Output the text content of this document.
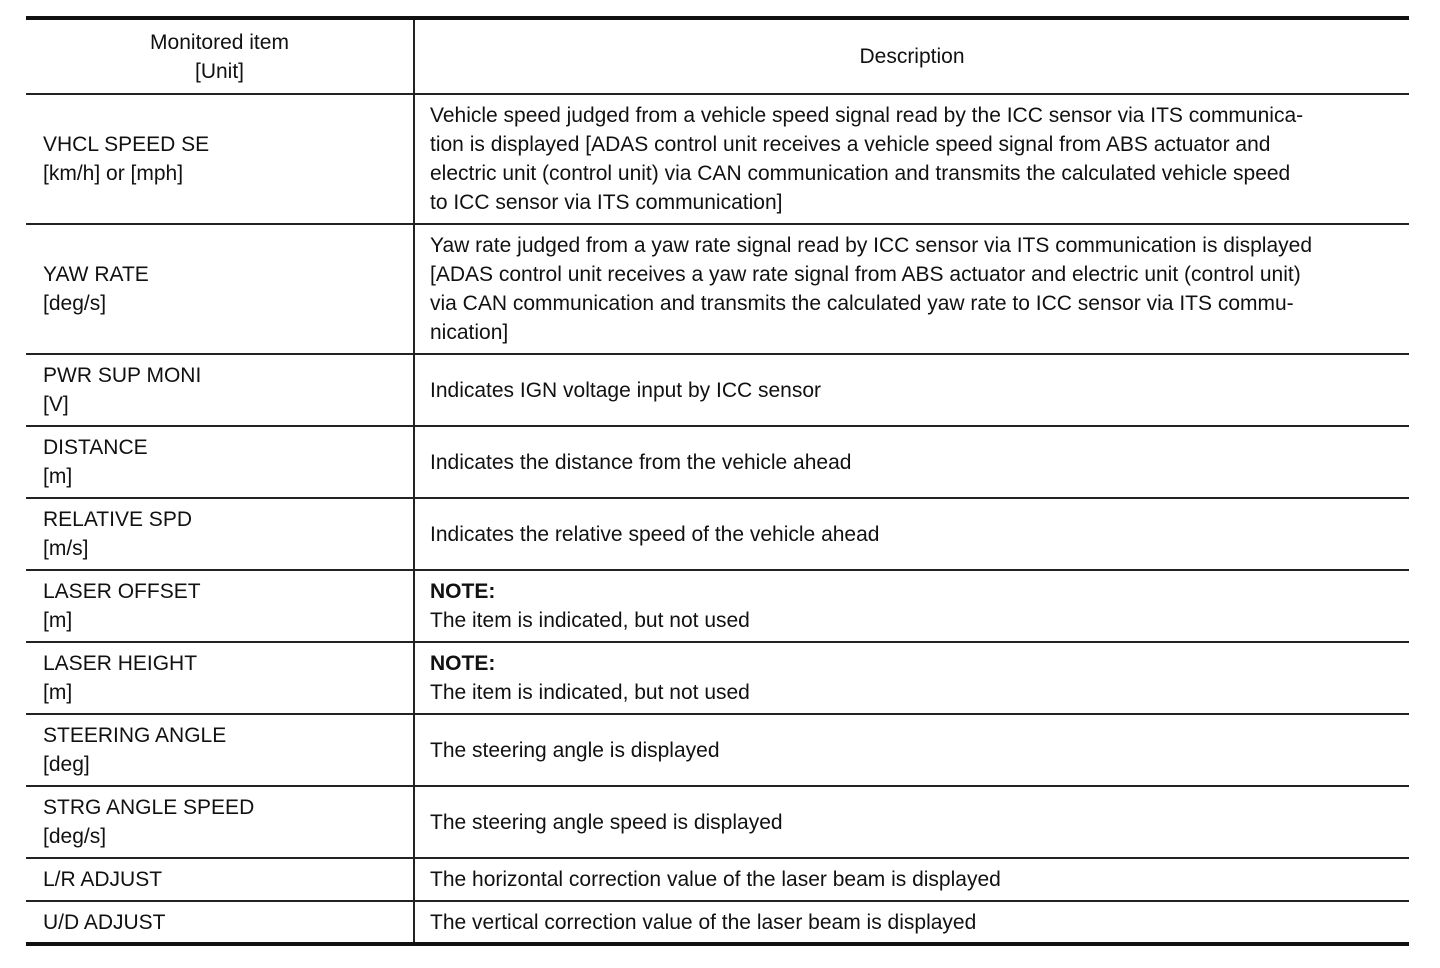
Monitored item
[Unit]	Description

VHCL SPEED SE
[km/h] or [mph]	Vehicle speed judged from a vehicle speed signal read by the ICC sensor via ITS communica-
tion is displayed [ADAS control unit receives a vehicle speed signal from ABS actuator and
electric unit (control unit) via CAN communication and transmits the calculated vehicle speed
to ICC sensor via ITS communication]

YAW RATE
[deg/s]	Yaw rate judged from a yaw rate signal read by ICC sensor via ITS communication is displayed
[ADAS control unit receives a yaw rate signal from ABS actuator and electric unit (control unit)
via CAN communication and transmits the calculated yaw rate to ICC sensor via ITS commu-
nication]

PWR SUP MONI
[V]	Indicates IGN voltage input by ICC sensor

DISTANCE
[m]	Indicates the distance from the vehicle ahead

RELATIVE SPD
[m/s]	Indicates the relative speed of the vehicle ahead

LASER OFFSET
[m]	NOTE:
The item is indicated, but not used

LASER HEIGHT
[m]	NOTE:
The item is indicated, but not used

STEERING ANGLE
[deg]	The steering angle is displayed

STRG ANGLE SPEED
[deg/s]	The steering angle speed is displayed

L/R ADJUST	The horizontal correction value of the laser beam is displayed

U/D ADJUST	The vertical correction value of the laser beam is displayed
